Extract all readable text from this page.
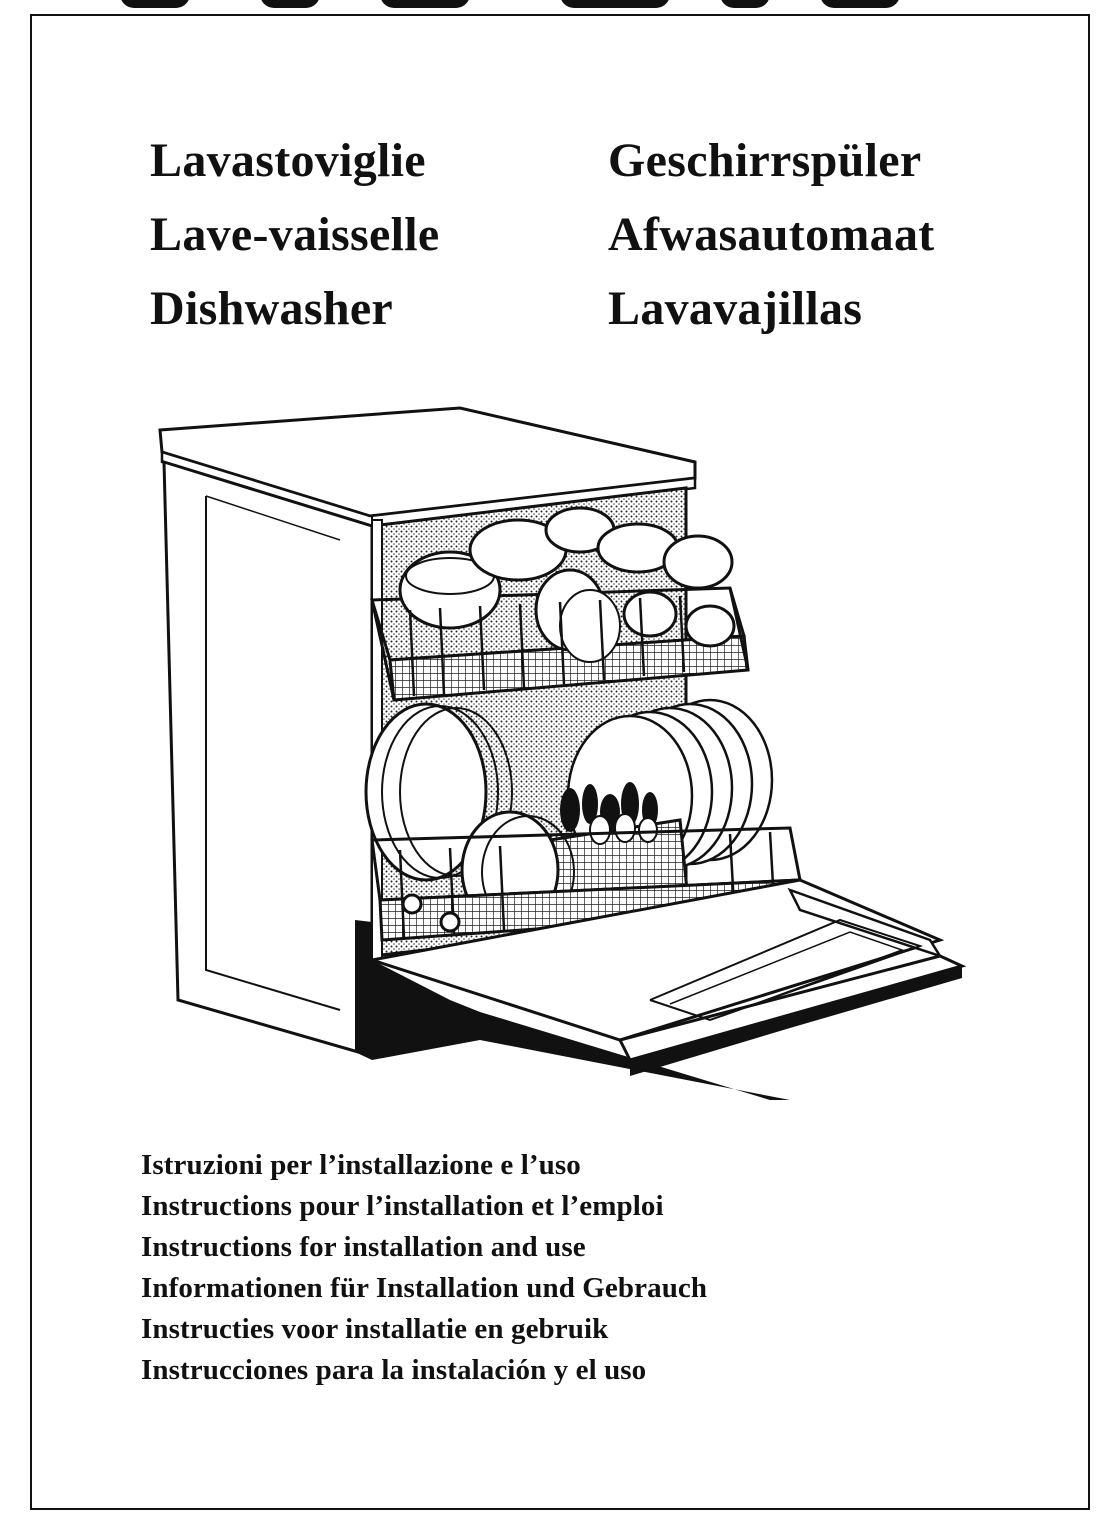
Lavastoviglie	Geschirrspüler
Lave-vaisselle	Afwasautomaat
Dishwasher	Lavavajillas
Istruzioni per l’installazione e l’uso
Instructions pour l’installation et l’emploi
Instructions for installation and use
Informationen für Installation und Gebrauch
Instructies voor installatie en gebruik
Instrucciones para la instalación y el uso
